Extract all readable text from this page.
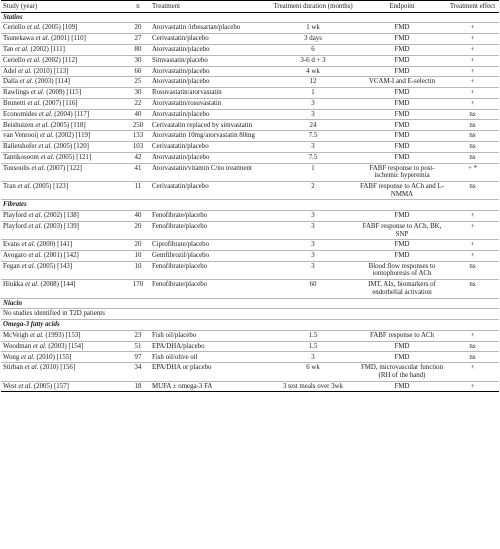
Study (year)	n	Treatment	Treatment duration (months)	Endpoint	Treatment effect
Statins					
Ceriello et al. (2005) [109]	20	Atorvastatin /irbesartan/placebo	1 wk	FMD	+
Tsunekawa et al. (2001) [110]	27	Cerivastatin/placebo	3 days	FMD	+
Tan et al. (2002) [111]	80	Atorvastatin/placebo	6	FMD	+
Ceriello et al. (2002) [112]	30	Simvastatin/placebo	3-6 d + 3	FMD	+
Adel et al. (2010) [113]	60	Atorvastatin/placebo	4 wk	FMD	+
Dalla et al. (2003) [114]	25	Atorvastatin/placebo	12	VCAM-I and E-selectin	+
Rawlings et al. (2009) [115]	30	Rosuvastatin/atorvastatin	1	FMD	+
Brunetti et al. (2007) [116]	22	Atorvastatin/rosuvastatin	3	FMD	+
Economides et al. (2004) [117]	40	Atorvastatin/placebo	3	FMD	ns
Beishuizen et al. (2005) [118]	250	Cerivastatin replaced by simvastatin	24	FMD	ns
van Venrooij et al. (2002) [119]	133	Atorvastatin 10mg/atorvastatin 80mg	7.5	FMD	ns
Balletshofer et al. (2005) [120]	103	Cerivastatin/placebo	3	FMD	ns
Tantikosoom et al. (2005) [121]	42	Atorvastatin/placebo	7.5	FMD	ns
Tousoulis et al. (2007) [122]	41	Atorvastatin/vitamin C/no treatment	1	FABF response to post-ischemic hyperemia	+ *
Tran et al. (2005) [123]	11	Cerivastatin/placebo	2	FABF response to ACh and L-NMMA	ns
Fibrates					
Playford et al. (2002) [138]	40	Fenofibrate/placebo	3	FMD	+
Playford et al. (2003) [139]	20	Fenofibrate/placebo	3	FABF response to ACh, BK, SNP	+
Evans et al. (2000) [141]	20	Ciprofibrate/placebo	3	FMD	+
Avogaro et al. (2001) [142]	10	Gemfibrozil/placebo	3	FMD	+
Fegan et al. (2005) [143]	10	Fenofibrate/placebo	3	Blood flow responses to iontophoresis of ACh	ns
Hiukka et al. (2008) [144]	170	Fenofibrate/placebo	60	IMT, AIx, biomarkers of endothelial activation	ns
Niacin					
No studies identified in T2D patients					
Omega-3 fatty acids					
McVeigh et al. (1993) [153]	23	Fish oil/placebo	1.5	FABF response to ACh	+
Woodman et al. (2003) [154]	51	EPA/DHA/placebo	1.5	FMD	ns
Wong et al. (2010) [155]	97	Fish oil/olive oil	3	FMD	ns
Stirban et al. (2010) [156]	34	EPA/DHA or placebo	6 wk	FMD, microvascular function (RH of the hand)	+
West et al. (2005) [157]	18	MUFA ± omega-3 FA	3 test meals over 3wk	FMD	+
